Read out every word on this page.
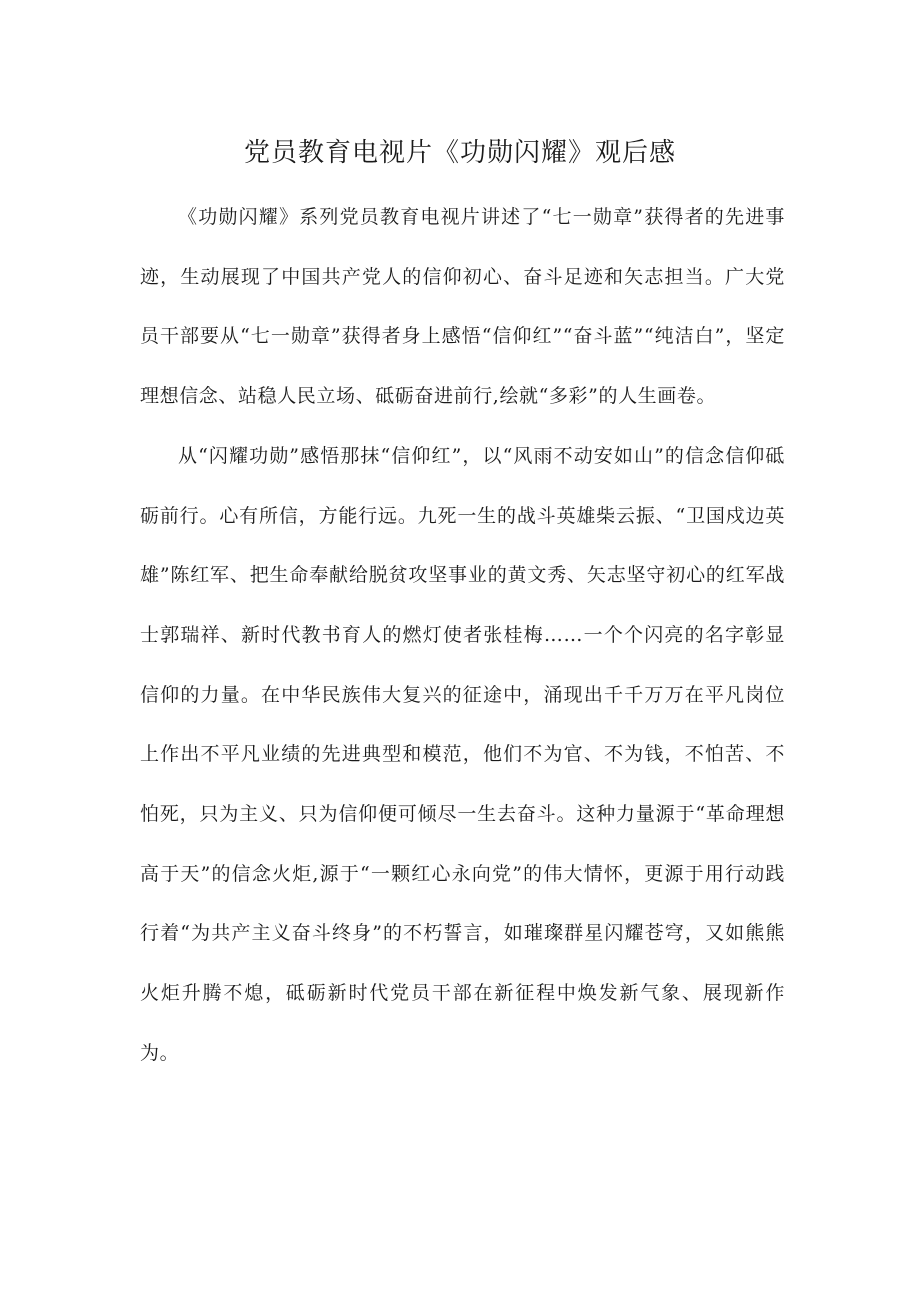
党员教育电视片《功勋闪耀》观后感

《功勋闪耀》系列党员教育电视片讲述了“七一勋章”获得者的先进事迹，生动展现了中国共产党人的信仰初心、奋斗足迹和矢志担当。广大党员干部要从“七一勋章”获得者身上感悟“信仰红”“奋斗蓝”“纯洁白”，坚定理想信念、站稳人民立场、砥砺奋进前行,绘就“多彩”的人生画卷。

从“闪耀功勋”感悟那抹“信仰红”，以“风雨不动安如山”的信念信仰砥砺前行。心有所信，方能行远。九死一生的战斗英雄柴云振、“卫国戍边英雄”陈红军、把生命奉献给脱贫攻坚事业的黄文秀、矢志坚守初心的红军战士郭瑞祥、新时代教书育人的燃灯使者张桂梅……一个个闪亮的名字彰显信仰的力量。在中华民族伟大复兴的征途中，涌现出千千万万在平凡岗位上作出不平凡业绩的先进典型和模范，他们不为官、不为钱，不怕苦、不怕死，只为主义、只为信仰便可倾尽一生去奋斗。这种力量源于“革命理想高于天”的信念火炬,源于“一颗红心永向党”的伟大情怀，更源于用行动践行着“为共产主义奋斗终身”的不朽誓言，如璀璨群星闪耀苍穹，又如熊熊火炬升腾不熄，砥砺新时代党员干部在新征程中焕发新气象、展现新作为。
